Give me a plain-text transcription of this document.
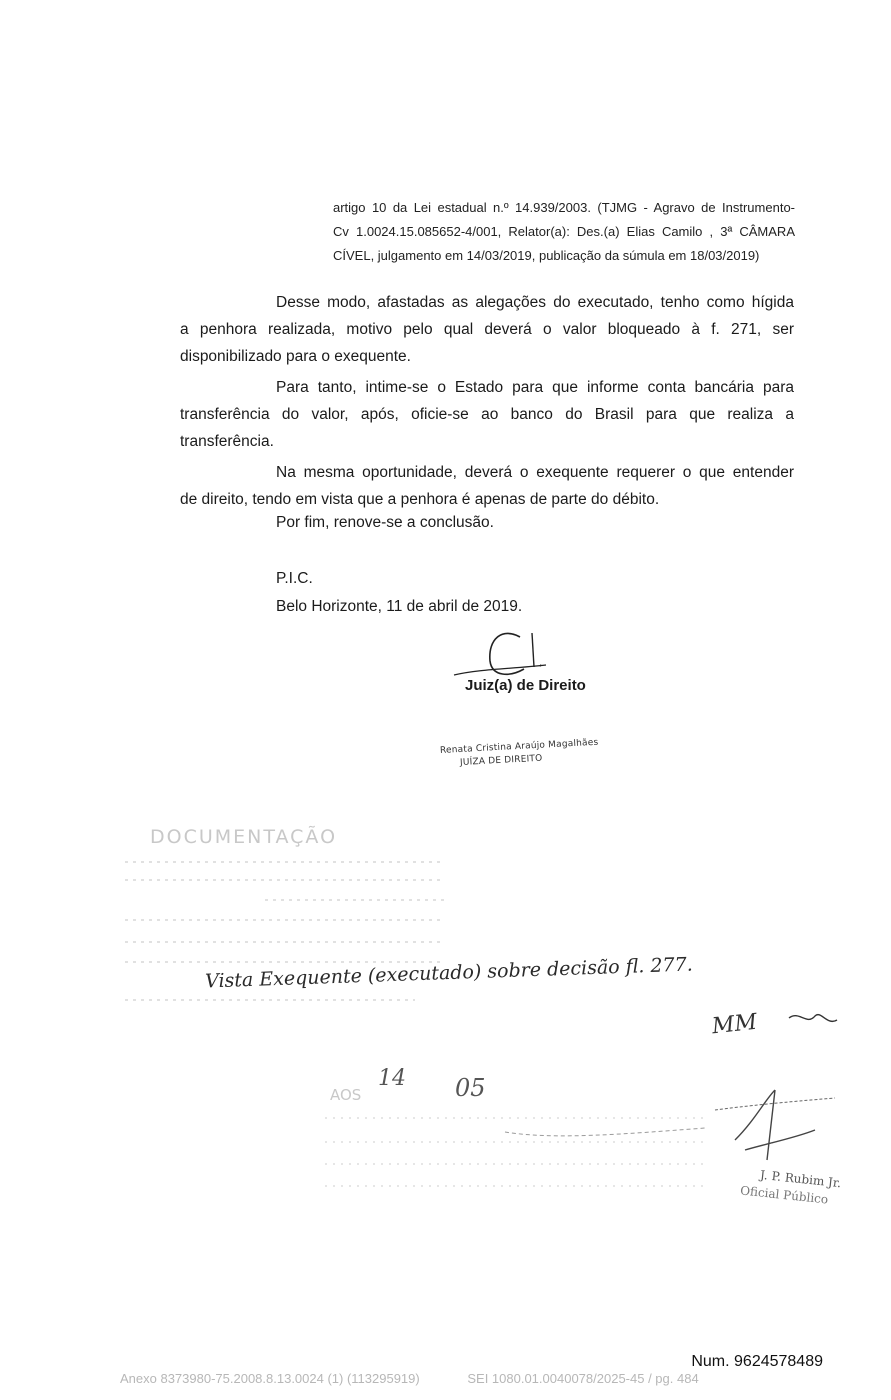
artigo 10 da Lei estadual n.º 14.939/2003. (TJMG - Agravo de Instrumento-
Cv 1.0024.15.085652-4/001, Relator(a): Des.(a) Elias Camilo , 3ª CÂMARA
CÍVEL, julgamento em 14/03/2019, publicação da súmula em 18/03/2019)
Desse modo, afastadas as alegações do executado, tenho como hígida
a penhora realizada, motivo pelo qual deverá o valor bloqueado à f. 271, ser
disponibilizado para o exequente.
Para tanto, intime-se o Estado para que informe conta bancária para
transferência do valor, após, oficie-se ao banco do Brasil para que realiza a
transferência.
Na mesma oportunidade, deverá o exequente requerer o que entender
de direito, tendo em vista que a penhora é apenas de parte do débito.
Por fim, renove-se a conclusão.
P.I.C.
Belo Horizonte, 11 de abril de 2019.
Juiz(a) de Direito
Renata Cristina Araújo Magalhães
JUÍZA DE DIREITO
DOCUMENTAÇÃO
Vista Exequente (executado) sobre decisão fl. 277.
MM
AOS
14 05
J. P. Rubim Jr.
Oficial Público
Num. 9624578489
Anexo 8373980-75.2008.8.13.0024 (1) (113295919)	SEI 1080.01.0040078/2025-45 / pg. 484
